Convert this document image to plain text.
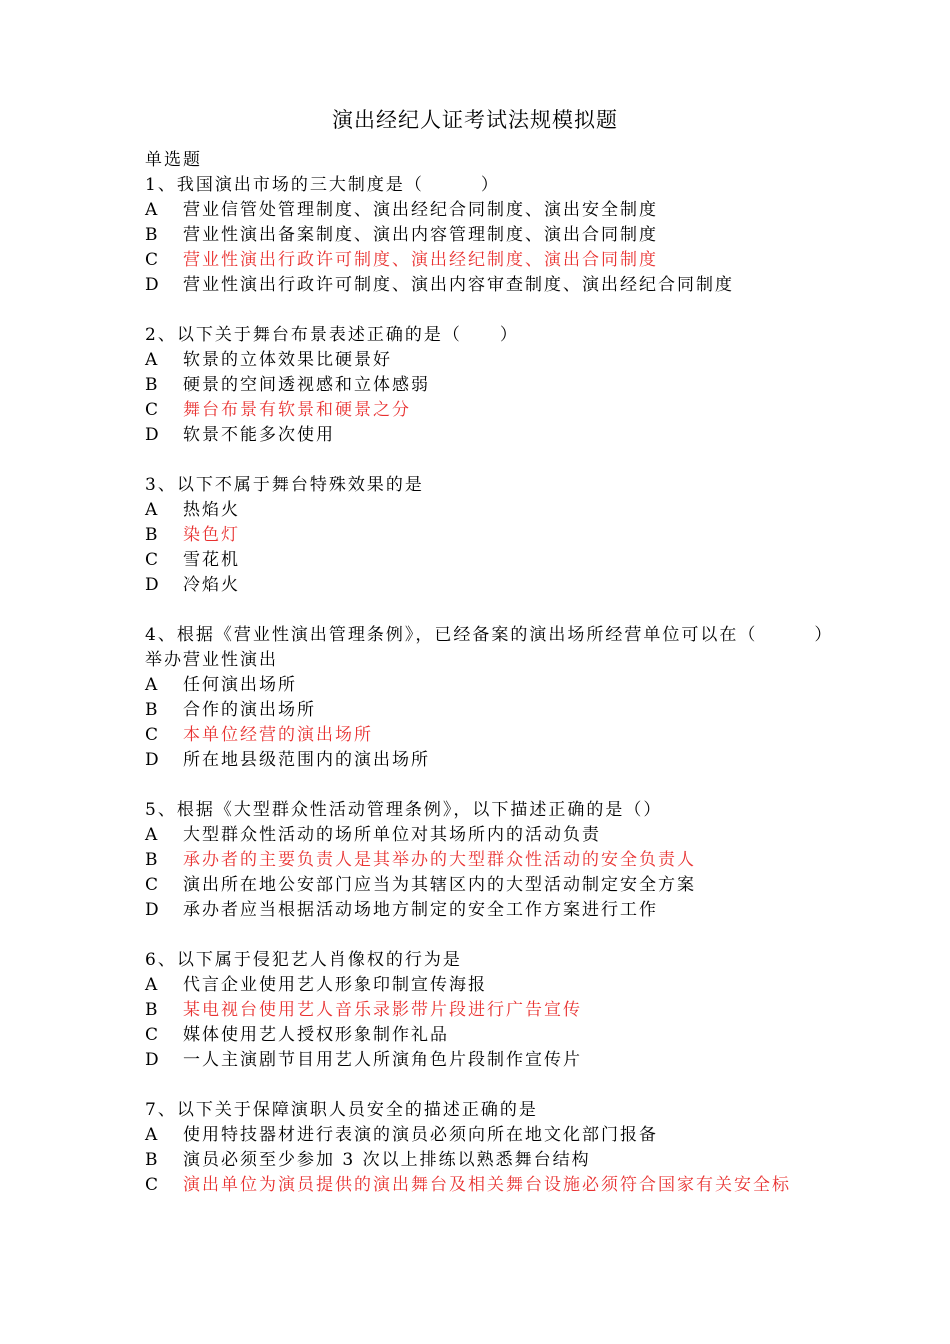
演出经纪人证考试法规模拟题
单选题
1、我国演出市场的三大制度是（　　　）
A	营业信管处管理制度、演出经纪合同制度、演出安全制度
B	营业性演出备案制度、演出内容管理制度、演出合同制度
C	营业性演出行政许可制度、演出经纪制度、演出合同制度
D	营业性演出行政许可制度、演出内容审查制度、演出经纪合同制度
2、以下关于舞台布景表述正确的是（　　）
A	软景的立体效果比硬景好
B	硬景的空间透视感和立体感弱
C	舞台布景有软景和硬景之分
D	软景不能多次使用
3、以下不属于舞台特殊效果的是
A	热焰火
B	染色灯
C	雪花机
D	冷焰火
4、根据《营业性演出管理条例》，已经备案的演出场所经营单位可以在（　　　）
举办营业性演出
A	任何演出场所
B	合作的演出场所
C	本单位经营的演出场所
D	所在地县级范围内的演出场所
5、根据《大型群众性活动管理条例》，以下描述正确的是（）
A	大型群众性活动的场所单位对其场所内的活动负责
B	承办者的主要负责人是其举办的大型群众性活动的安全负责人
C	演出所在地公安部门应当为其辖区内的大型活动制定安全方案
D	承办者应当根据活动场地方制定的安全工作方案进行工作
6、以下属于侵犯艺人肖像权的行为是
A	代言企业使用艺人形象印制宣传海报
B	某电视台使用艺人音乐录影带片段进行广告宣传
C	媒体使用艺人授权形象制作礼品
D	一人主演剧节目用艺人所演角色片段制作宣传片
7、以下关于保障演职人员安全的描述正确的是
A	使用特技器材进行表演的演员必须向所在地文化部门报备
B	演员必须至少参加 3 次以上排练以熟悉舞台结构
C	演出单位为演员提供的演出舞台及相关舞台设施必须符合国家有关安全标
